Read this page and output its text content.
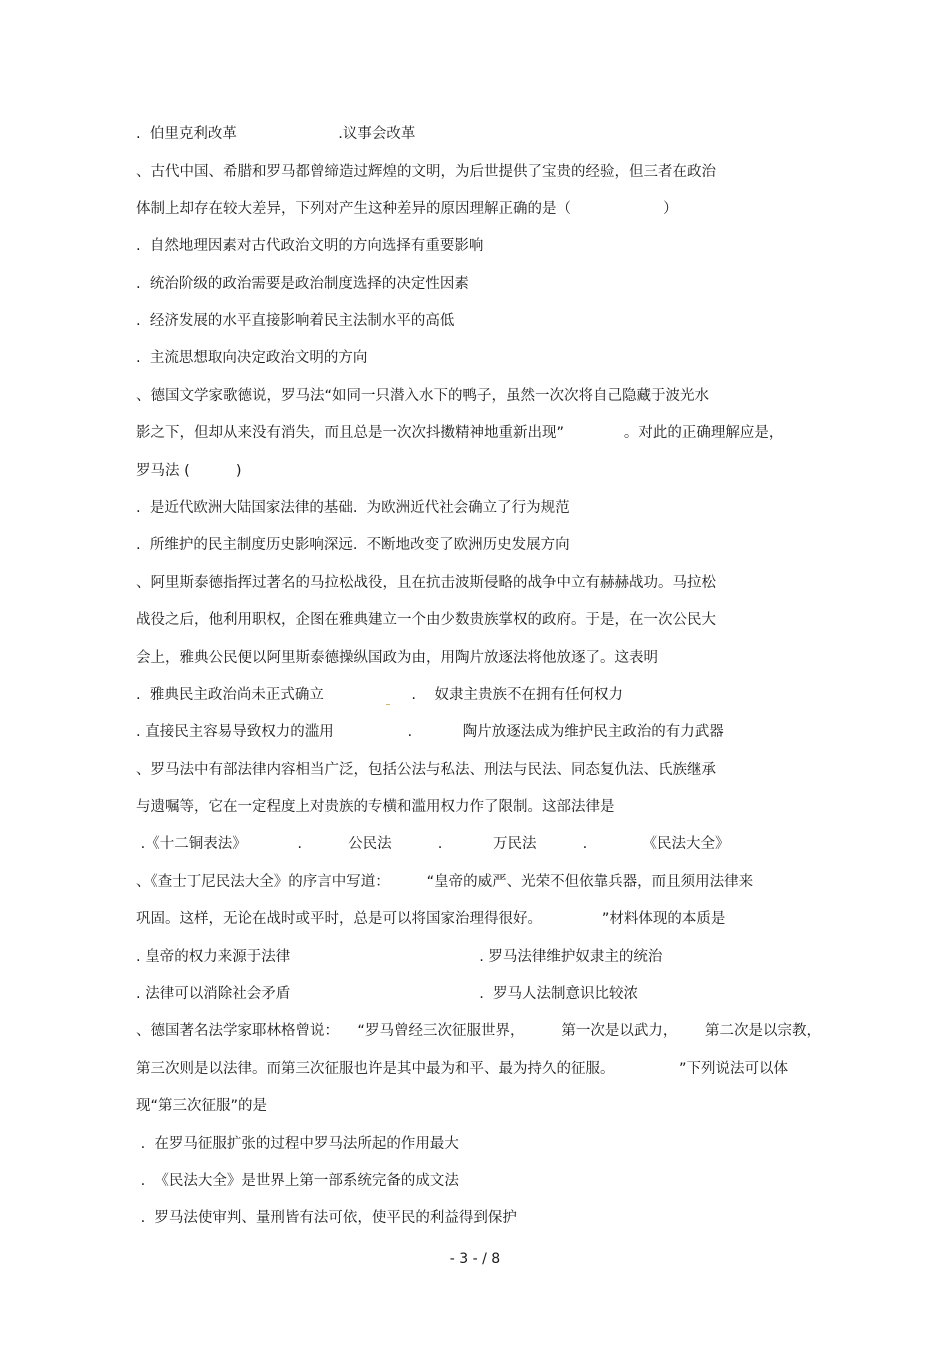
.  伯里克利改革                      .议事会改革
、古代中国、希腊和罗马都曾缔造过辉煌的文明，为后世提供了宝贵的经验，但三者在政治
体制上却存在较大差异，下列对产生这种差异的原因理解正确的是（                    ）
.  自然地理因素对古代政治文明的方向选择有重要影响
.  统治阶级的政治需要是政治制度选择的决定性因素
.  经济发展的水平直接影响着民主法制水平的高低
.  主流思想取向决定政治文明的方向
、德国文学家歌德说，罗马法“如同一只潜入水下的鸭子，虽然一次次将自己隐藏于波光水
影之下，但却从来没有消失，而且总是一次次抖擞精神地重新出现”             。对此的正确理解应是，
罗马法 (          )
.  是近代欧洲大陆国家法律的基础.  为欧洲近代社会确立了行为规范
.  所维护的民主制度历史影响深远.  不断地改变了欧洲历史发展方向
、阿里斯泰德指挥过著名的马拉松战役，且在抗击波斯侵略的战争中立有赫赫战功。马拉松
战役之后，他利用职权，企图在雅典建立一个由少数贵族掌权的政府。于是，在一次公民大
会上，雅典公民便以阿里斯泰德操纵国政为由，用陶片放逐法将他放逐了。这表明
.  雅典民主政治尚未正式确立                   .    奴隶主贵族不在拥有任何权力
. 直接民主容易导致权力的滥用                .           陶片放逐法成为维护民主政治的有力武器
、罗马法中有部法律内容相当广泛，包括公法与私法、刑法与民法、同态复仇法、氏族继承
与遗嘱等，它在一定程度上对贵族的专横和滥用权力作了限制。这部法律是
.《十二铜表法》           .          公民法          .           万民法          .            《民法大全》
、《查士丁尼民法大全》的序言中写道：        “皇帝的威严、光荣不但依靠兵器，而且须用法律来
巩固。这样，无论在战时或平时，总是可以将国家治理得很好。             ”材料体现的本质是
. 皇帝的权力来源于法律                                         . 罗马法律维护奴隶主的统治
. 法律可以消除社会矛盾                                         .  罗马人法制意识比较浓
、德国著名法学家耶林格曾说：    “罗马曾经三次征服世界，        第一次是以武力，      第二次是以宗教，
第三次则是以法律。而第三次征服也许是其中最为和平、最为持久的征服。              ”下列说法可以体
现“第三次征服”的是
.  在罗马征服扩张的过程中罗马法所起的作用最大
.  《民法大全》是世界上第一部系统完备的成文法
.  罗马法使审判、量刑皆有法可依，使平民的利益得到保护
- 3 - / 8
